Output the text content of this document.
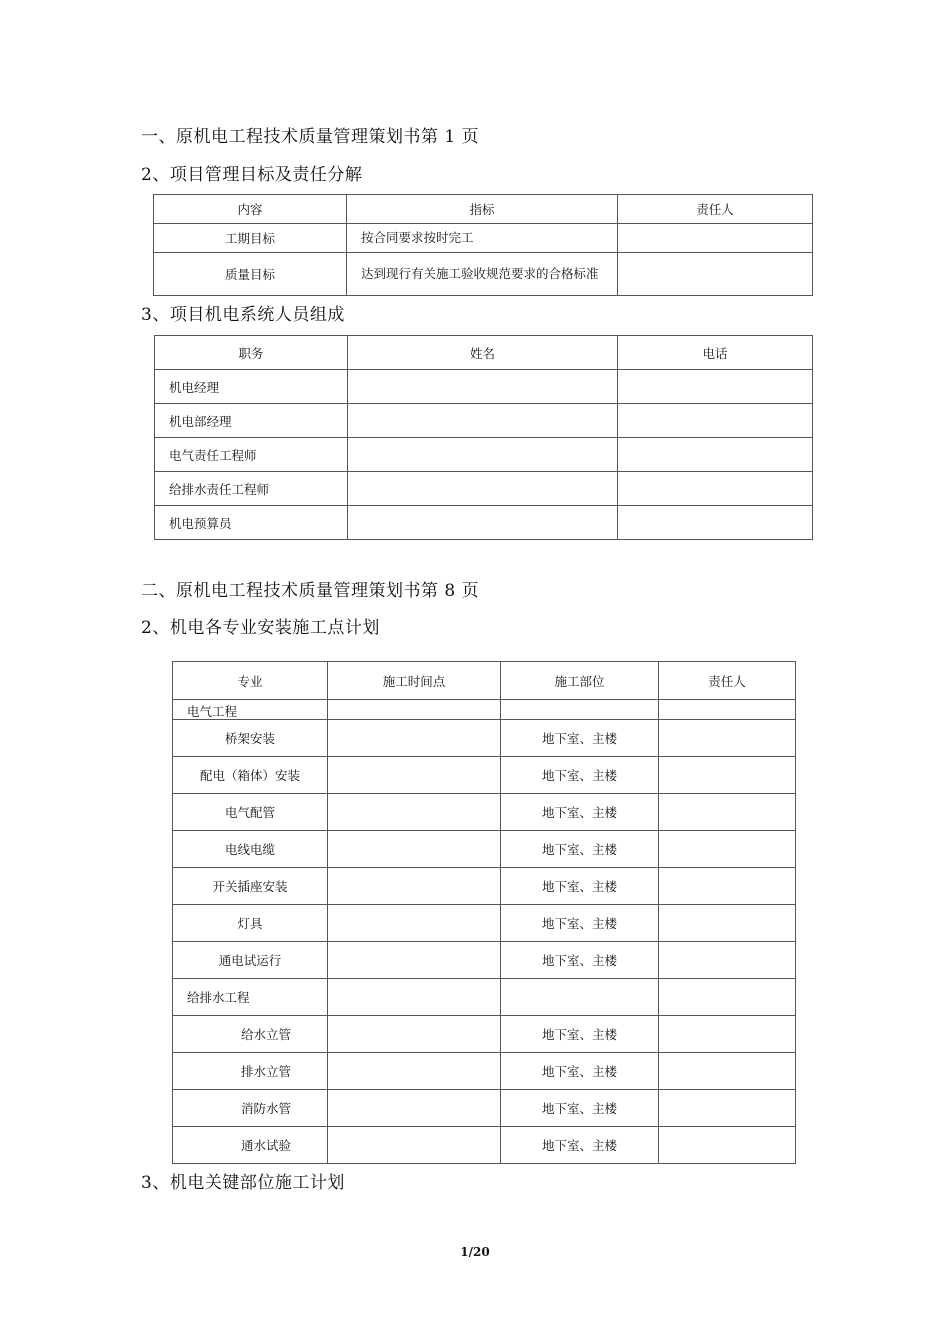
一、原机电工程技术质量管理策划书第 1 页
2、项目管理目标及责任分解
内容	指标	责任人
工期目标	按合同要求按时完工	
质量目标	达到现行有关施工验收规范要求的合格标准	
3、项目机电系统人员组成
职务	姓名	电话
机电经理		
机电部经理		
电气责任工程师		
给排水责任工程师		
机电预算员		
二、原机电工程技术质量管理策划书第 8 页
2、机电各专业安装施工点计划
专业	施工时间点	施工部位	责任人
电气工程			
桥架安装		地下室、主楼	
配电（箱体）安装		地下室、主楼	
电气配管		地下室、主楼	
电线电缆		地下室、主楼	
开关插座安装		地下室、主楼	
灯具		地下室、主楼	
通电试运行		地下室、主楼	
给排水工程			
给水立管		地下室、主楼	
排水立管		地下室、主楼	
消防水管		地下室、主楼	
通水试验		地下室、主楼	
3、机电关键部位施工计划
1/20
